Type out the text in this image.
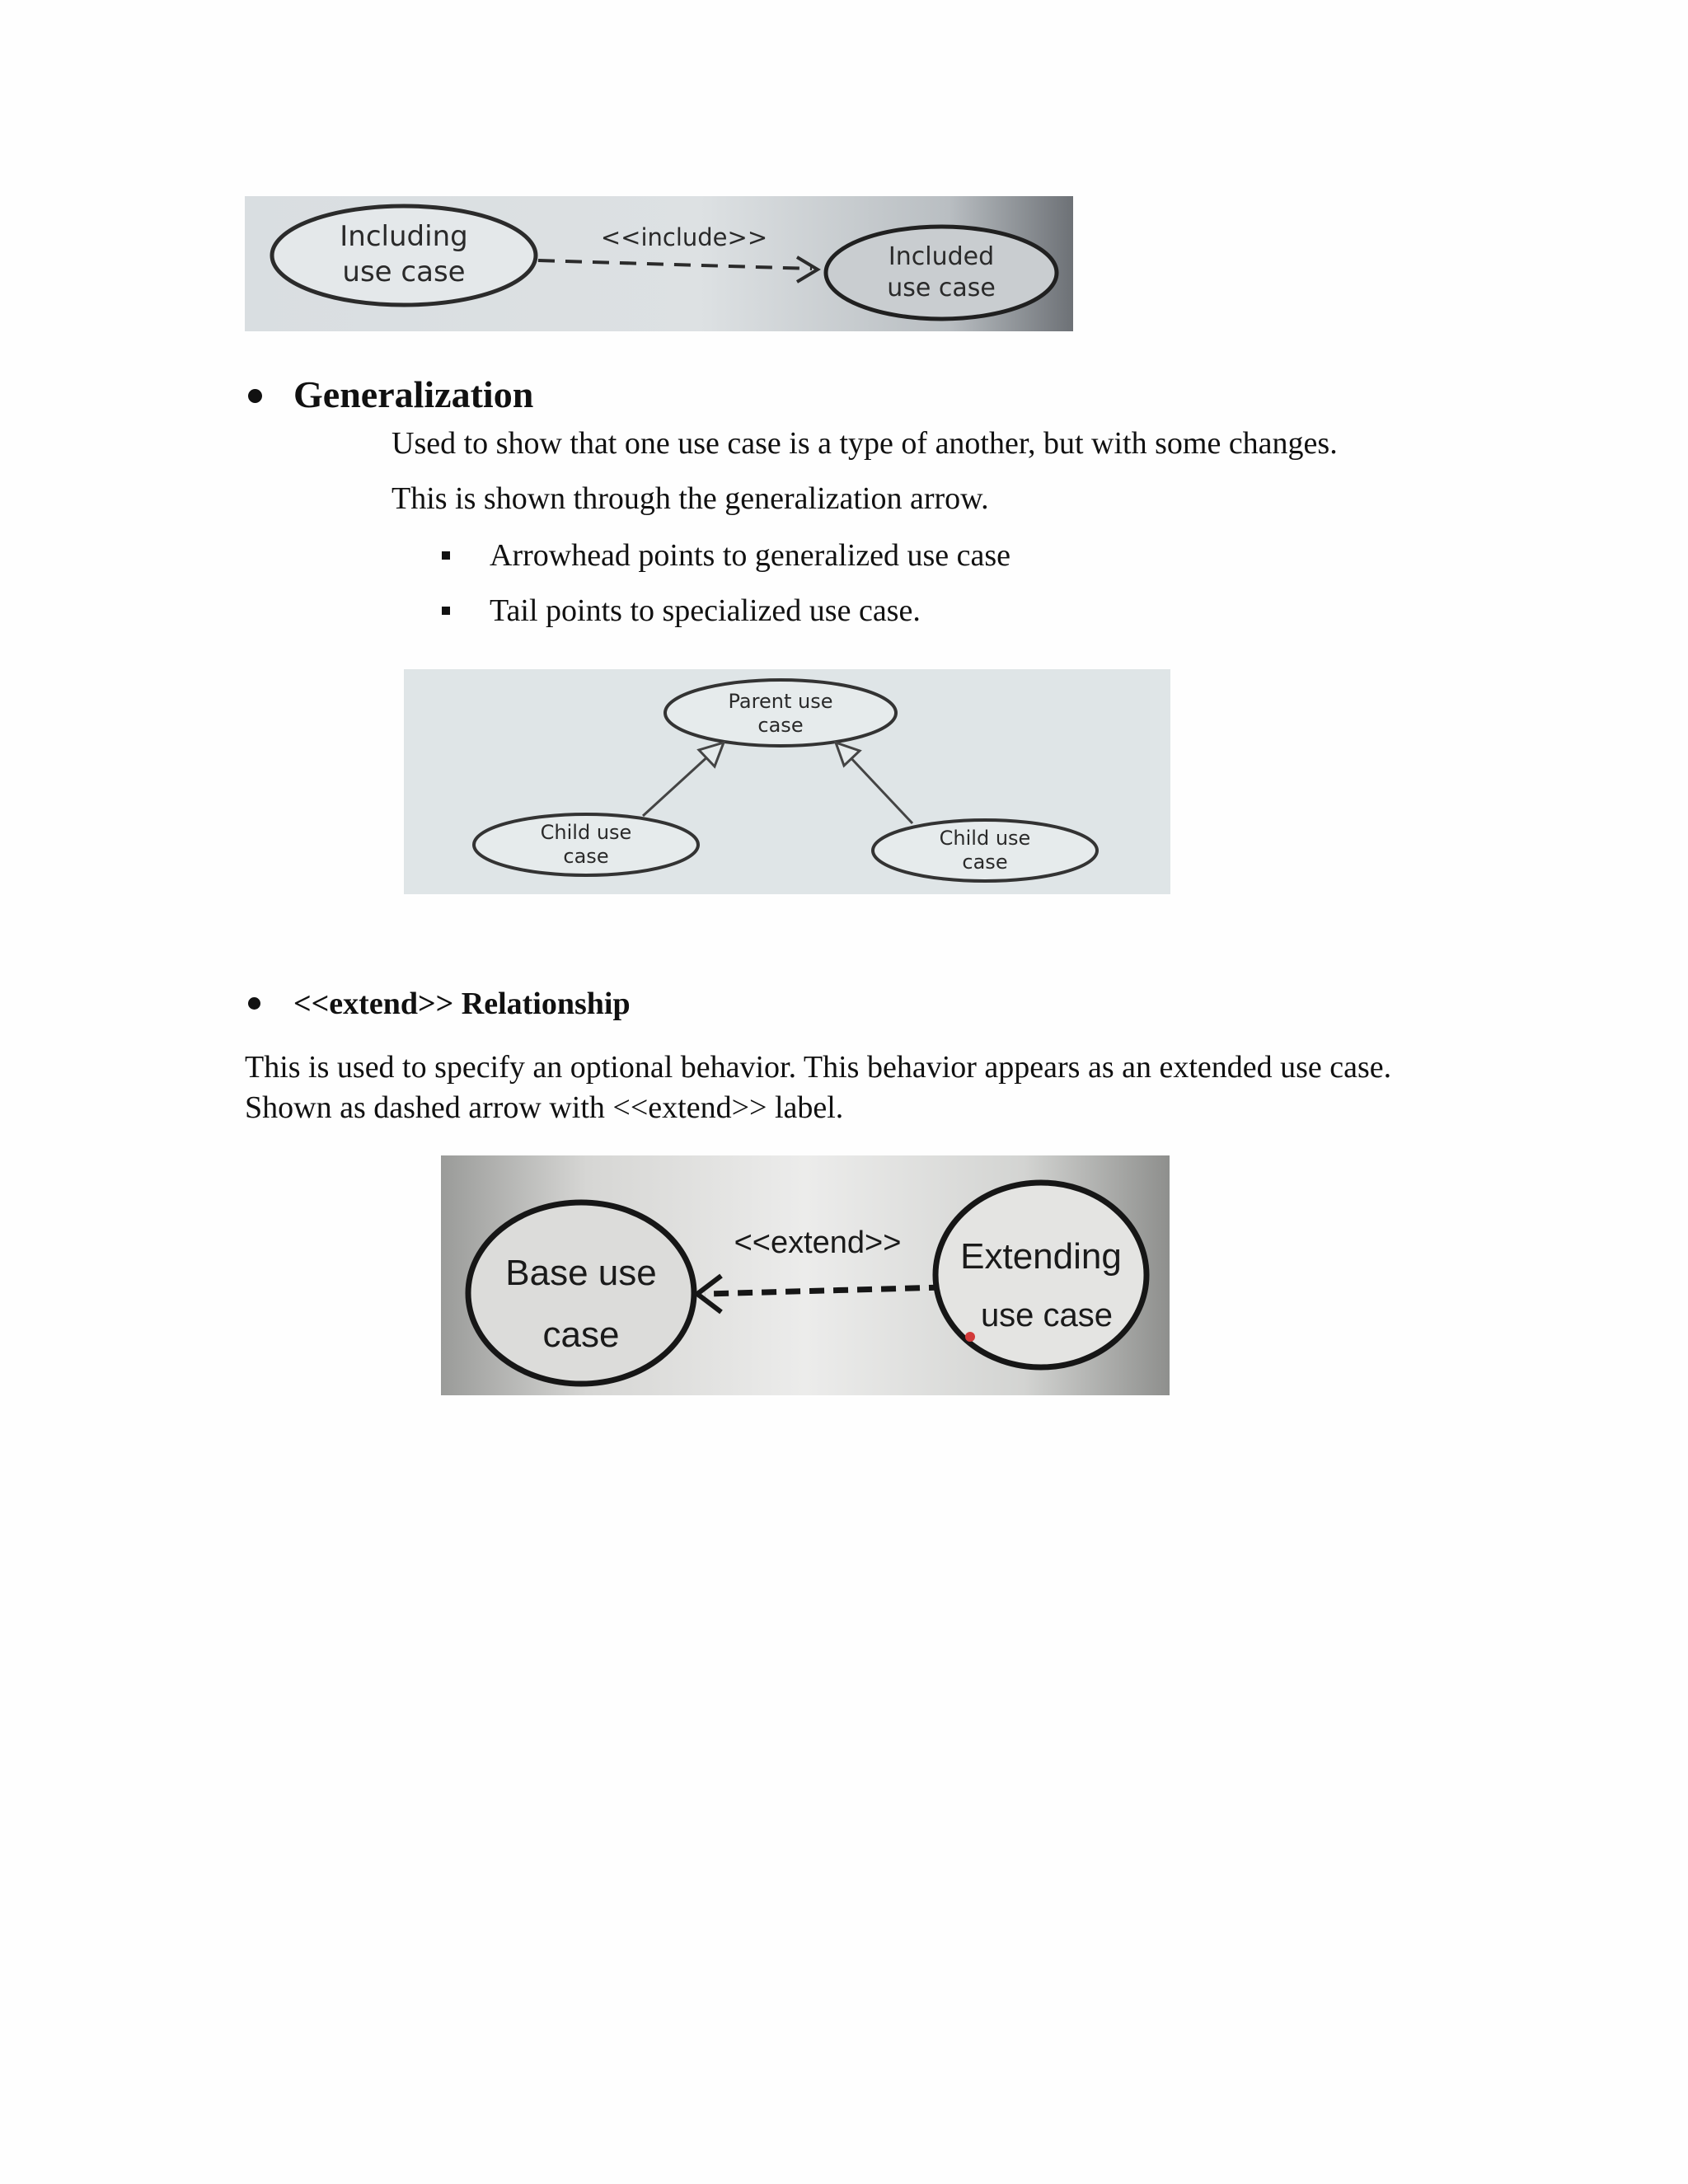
Including
use case
<<include>>
Included
use case
Generalization
Used to show that one use case is a type of another, but with some changes.
This is shown through the generalization arrow.
Arrowhead points to generalized use case
Tail points to specialized use case.
Parent use
case
Child use
case
Child use
case
<<extend>> Relationship
This is used to specify an optional behavior. This behavior appears as an extended use case.
Shown as dashed arrow with <<extend>> label.
Base use
case
<<extend>> Extending
use case
